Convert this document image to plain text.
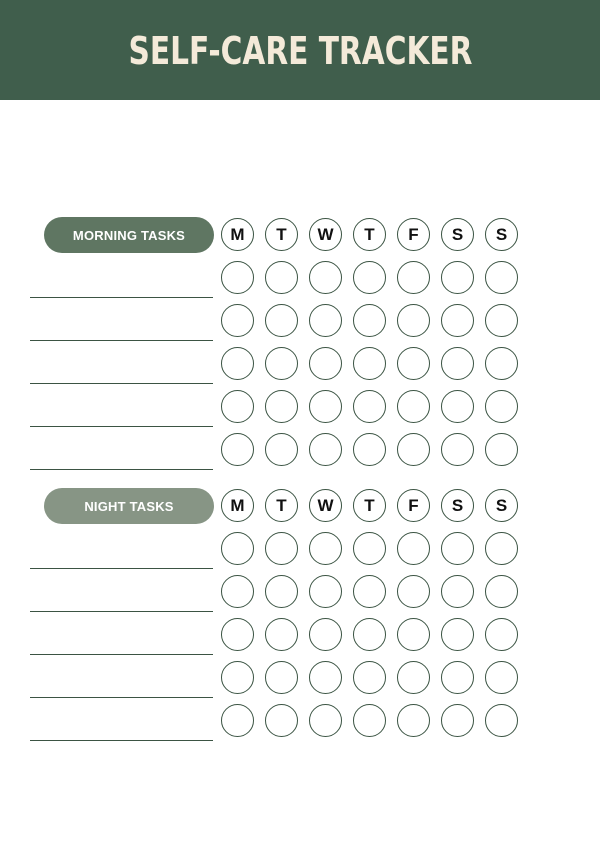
SELF-CARE TRACKER
MORNING TASKS	M	T	W	T	F	S	S
NIGHT TASKS	M	T	W	T	F	S	S
